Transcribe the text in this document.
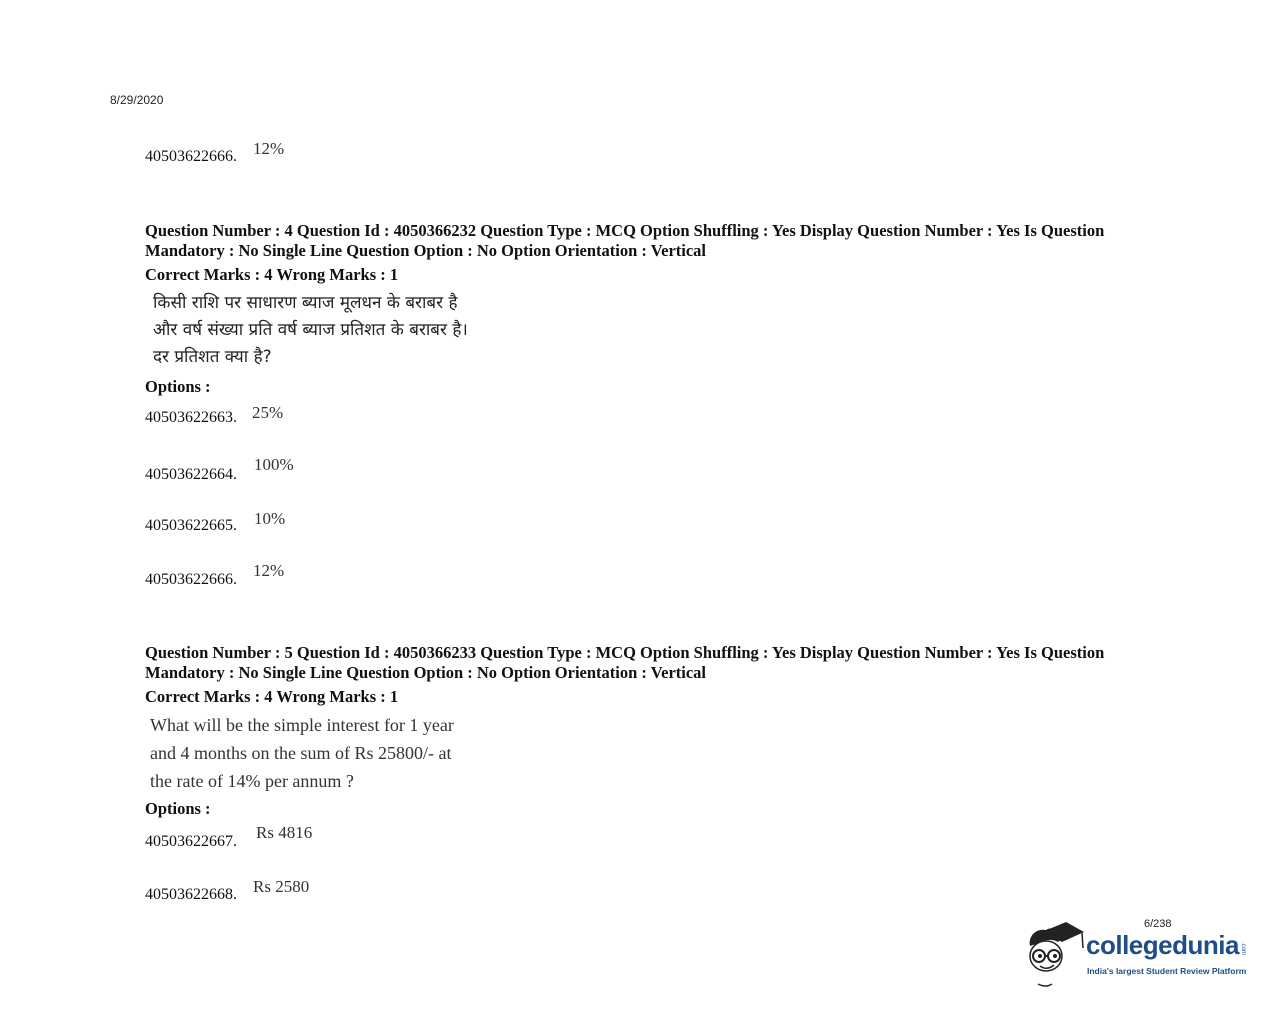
8/29/2020
40503622666. 12%
Question Number : 4 Question Id : 4050366232 Question Type : MCQ Option Shuffling : Yes Display Question Number : Yes Is Question
Mandatory : No Single Line Question Option : No Option Orientation : Vertical
Correct Marks : 4 Wrong Marks : 1
किसी राशि पर साधारण ब्याज मूलधन के बराबर है
और वर्ष संख्या प्रति वर्ष ब्याज प्रतिशत के बराबर है।
दर प्रतिशत क्या है?
Options :
40503622663. 25%
40503622664.
100%
40503622665. 10%
40503622666. 12%
Question Number : 5 Question Id : 4050366233 Question Type : MCQ Option Shuffling : Yes Display Question Number : Yes Is Question
Mandatory : No Single Line Question Option : No Option Orientation : Vertical
Correct Marks : 4 Wrong Marks : 1
What will be the simple interest for 1 year
and 4 months on the sum of Rs 25800/- at
the rate of 14% per annum ?
Options :
40503622667. Rs 4816
40503622668. Rs 2580
6/238
collegedunia .com
India's largest Student Review Platform
